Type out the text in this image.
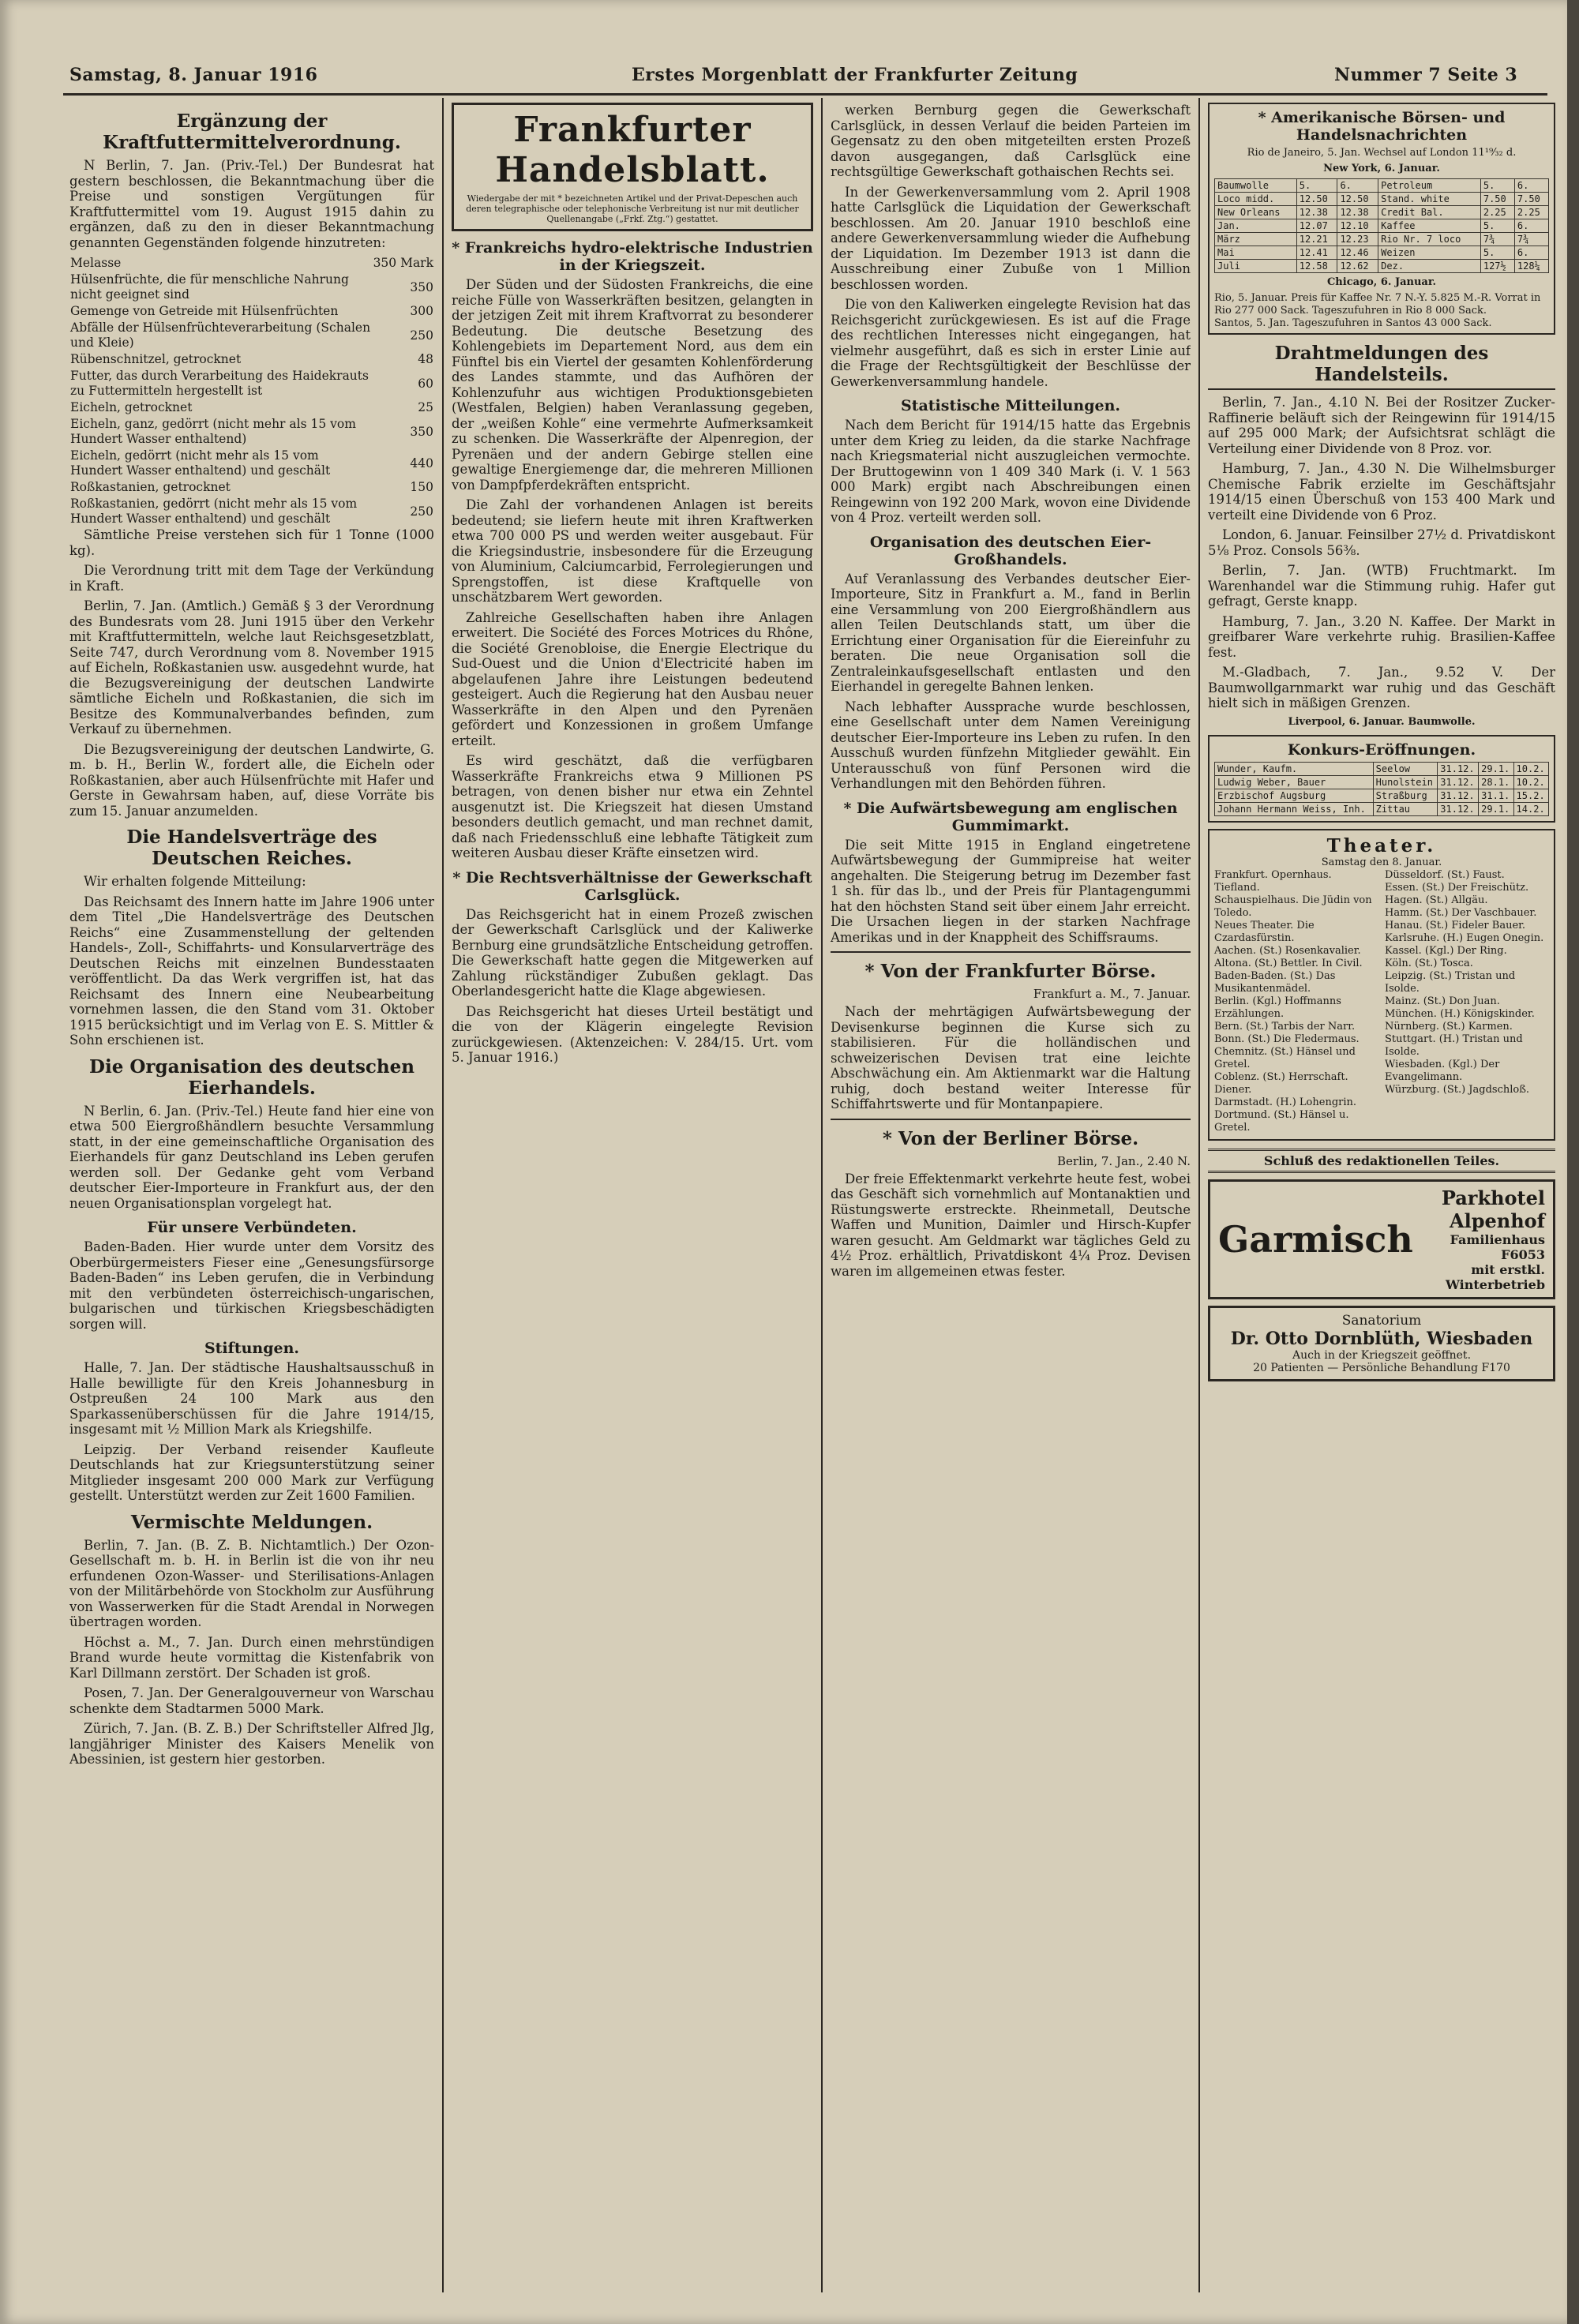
Samstag, 8. Januar 1916	Erstes Morgenblatt der Frankfurter Zeitung	Nummer 7 Seite 3
Ergänzung der Kraftfuttermittelverordnung.

N Berlin, 7. Jan. (Priv.-Tel.) Der Bundesrat hat gestern beschlossen, die Bekanntmachung über die Preise und sonstigen Vergütungen für Kraftfuttermittel vom 19. August 1915 dahin zu ergänzen, daß zu den in dieser Bekanntmachung genannten Gegenständen folgende hinzutreten:

Melasse	350 Mark
Hülsenfrüchte, die für menschliche Nahrung nicht geeignet sind	350
Gemenge von Getreide mit Hülsenfrüchten	300
Abfälle der Hülsenfrüchteverarbeitung (Schalen und Kleie)	250
Rübenschnitzel, getrocknet	48
Futter, das durch Verarbeitung des Haidekrauts zu Futtermitteln hergestellt ist	60
Eicheln, getrocknet	25
Eicheln, ganz, gedörrt (nicht mehr als 15 vom Hundert Wasser enthaltend)	350
Eicheln, gedörrt (nicht mehr als 15 vom Hundert Wasser enthaltend) und geschält	440
Roßkastanien, getrocknet	150
Roßkastanien, gedörrt (nicht mehr als 15 vom Hundert Wasser enthaltend) und geschält	250

Sämtliche Preise verstehen sich für 1 Tonne (1000 kg).

Die Verordnung tritt mit dem Tage der Verkündung in Kraft.

Berlin, 7. Jan. (Amtlich.) Gemäß § 3 der Verordnung des Bundesrats vom 28. Juni 1915 über den Verkehr mit Kraftfuttermitteln, welche laut Reichsgesetzblatt, Seite 747, durch Verordnung vom 8. November 1915 auf Eicheln, Roßkastanien usw. ausgedehnt wurde, hat die Bezugsvereinigung der deutschen Landwirte sämtliche Eicheln und Roßkastanien, die sich im Besitze des Kommunalverbandes befinden, zum Verkauf zu übernehmen.

Die Bezugsvereinigung der deutschen Landwirte, G. m. b. H., Berlin W., fordert alle, die Eicheln oder Roßkastanien, aber auch Hülsenfrüchte mit Hafer und Gerste in Gewahrsam haben, auf, diese Vorräte bis zum 15. Januar anzumelden.

Die Handelsverträge des Deutschen Reiches.

Wir erhalten folgende Mitteilung:

Das Reichsamt des Innern hatte im Jahre 1906 unter dem Titel „Die Handelsverträge des Deutschen Reichs“ eine Zusammenstellung der geltenden Handels-, Zoll-, Schiffahrts- und Konsularverträge des Deutschen Reichs mit einzelnen Bundesstaaten veröffentlicht. Da das Werk vergriffen ist, hat das Reichsamt des Innern eine Neubearbeitung vornehmen lassen, die den Stand vom 31. Oktober 1915 berücksichtigt und im Verlag von E. S. Mittler & Sohn erschienen ist.

Die Organisation des deutschen Eierhandels.

N Berlin, 6. Jan. (Priv.-Tel.) Heute fand hier eine von etwa 500 Eiergroßhändlern besuchte Versammlung statt, in der eine gemeinschaftliche Organisation des Eierhandels für ganz Deutschland ins Leben gerufen werden soll. Der Gedanke geht vom Verband deutscher Eier-Importeure in Frankfurt aus, der den neuen Organisationsplan vorgelegt hat.

Für unsere Verbündeten.

Baden-Baden. Hier wurde unter dem Vorsitz des Oberbürgermeisters Fieser eine „Genesungsfürsorge Baden-Baden“ ins Leben gerufen, die in Verbindung mit den verbündeten österreichisch-ungarischen, bulgarischen und türkischen Kriegsbeschädigten sorgen will.

Stiftungen.

Halle, 7. Jan. Der städtische Haushaltsausschuß in Halle bewilligte für den Kreis Johannesburg in Ostpreußen 24 100 Mark aus den Sparkassenüberschüssen für die Jahre 1914/15, insgesamt mit ½ Million Mark als Kriegshilfe.

Leipzig. Der Verband reisender Kaufleute Deutschlands hat zur Kriegsunterstützung seiner Mitglieder insgesamt 200 000 Mark zur Verfügung gestellt. Unterstützt werden zur Zeit 1600 Familien.

Vermischte Meldungen.

Berlin, 7. Jan. (B. Z. B. Nichtamtlich.) Der Ozon-Gesellschaft m. b. H. in Berlin ist die von ihr neu erfundenen Ozon-Wasser- und Sterilisations-Anlagen von der Militärbehörde von Stockholm zur Ausführung von Wasserwerken für die Stadt Arendal in Norwegen übertragen worden.

Höchst a. M., 7. Jan. Durch einen mehrstündigen Brand wurde heute vormittag die Kistenfabrik von Karl Dillmann zerstört. Der Schaden ist groß.

Posen, 7. Jan. Der Generalgouverneur von Warschau schenkte dem Stadtarmen 5000 Mark.

Zürich, 7. Jan. (B. Z. B.) Der Schriftsteller Alfred Jlg, langjähriger Minister des Kaisers Menelik von Abessinien, ist gestern hier gestorben.

Frankfurter Handelsblatt.
Wiedergabe der mit * bezeichneten Artikel und der Privat-Depeschen auch deren telegraphische oder telephonische Verbreitung ist nur mit deutlicher Quellenangabe („Frkf. Ztg.“) gestattet.
* Frankreichs hydro-elektrische Industrien in der Kriegszeit.

Der Süden und der Südosten Frankreichs, die eine reiche Fülle von Wasserkräften besitzen, gelangten in der jetzigen Zeit mit ihrem Kraftvorrat zu besonderer Bedeutung. Die deutsche Besetzung des Kohlengebiets im Departement Nord, aus dem ein Fünftel bis ein Viertel der gesamten Kohlenförderung des Landes stammte, und das Aufhören der Kohlenzufuhr aus wichtigen Produktionsgebieten (Westfalen, Belgien) haben Veranlassung gegeben, der „weißen Kohle“ eine vermehrte Aufmerksamkeit zu schenken. Die Wasserkräfte der Alpenregion, der Pyrenäen und der andern Gebirge stellen eine gewaltige Energiemenge dar, die mehreren Millionen von Dampfpferdekräften entspricht.

Die Zahl der vorhandenen Anlagen ist bereits bedeutend; sie liefern heute mit ihren Kraftwerken etwa 700 000 PS und werden weiter ausgebaut. Für die Kriegsindustrie, insbesondere für die Erzeugung von Aluminium, Calciumcarbid, Ferrolegierungen und Sprengstoffen, ist diese Kraftquelle von unschätzbarem Wert geworden.

Zahlreiche Gesellschaften haben ihre Anlagen erweitert. Die Société des Forces Motrices du Rhône, die Société Grenobloise, die Energie Electrique du Sud-Ouest und die Union d'Electricité haben im abgelaufenen Jahre ihre Leistungen bedeutend gesteigert. Auch die Regierung hat den Ausbau neuer Wasserkräfte in den Alpen und den Pyrenäen gefördert und Konzessionen in großem Umfange erteilt.

Es wird geschätzt, daß die verfügbaren Wasserkräfte Frankreichs etwa 9 Millionen PS betragen, von denen bisher nur etwa ein Zehntel ausgenutzt ist. Die Kriegszeit hat diesen Umstand besonders deutlich gemacht, und man rechnet damit, daß nach Friedensschluß eine lebhafte Tätigkeit zum weiteren Ausbau dieser Kräfte einsetzen wird.

* Die Rechtsverhältnisse der Gewerkschaft Carlsglück.

Das Reichsgericht hat in einem Prozeß zwischen der Gewerkschaft Carlsglück und der Kaliwerke Bernburg eine grundsätzliche Entscheidung getroffen. Die Gewerkschaft hatte gegen die Mitgewerken auf Zahlung rückständiger Zubußen geklagt. Das Oberlandesgericht hatte die Klage abgewiesen.

Das Reichsgericht hat dieses Urteil bestätigt und die von der Klägerin eingelegte Revision zurückgewiesen. (Aktenzeichen: V. 284/15. Urt. vom 5. Januar 1916.)

werken Bernburg gegen die Gewerkschaft Carlsglück, in dessen Verlauf die beiden Parteien im Gegensatz zu den oben mitgeteilten ersten Prozeß davon ausgegangen, daß Carlsglück eine rechtsgültige Gewerkschaft gothaischen Rechts sei.

In der Gewerkenversammlung vom 2. April 1908 hatte Carlsglück die Liquidation der Gewerkschaft beschlossen. Am 20. Januar 1910 beschloß eine andere Gewerkenversammlung wieder die Aufhebung der Liquidation. Im Dezember 1913 ist dann die Ausschreibung einer Zubuße von 1 Million beschlossen worden.

Die von den Kaliwerken eingelegte Revision hat das Reichsgericht zurückgewiesen. Es ist auf die Frage des rechtlichen Interesses nicht eingegangen, hat vielmehr ausgeführt, daß es sich in erster Linie auf die Frage der Rechtsgültigkeit der Beschlüsse der Gewerkenversammlung handele.

Statistische Mitteilungen.

Nach dem Bericht für 1914/15 hatte das Ergebnis unter dem Krieg zu leiden, da die starke Nachfrage nach Kriegsmaterial nicht auszugleichen vermochte. Der Bruttogewinn von 1 409 340 Mark (i. V. 1 563 000 Mark) ergibt nach Abschreibungen einen Reingewinn von 192 200 Mark, wovon eine Dividende von 4 Proz. verteilt werden soll.

Organisation des deutschen Eier-Großhandels.

Auf Veranlassung des Verbandes deutscher Eier-Importeure, Sitz in Frankfurt a. M., fand in Berlin eine Versammlung von 200 Eiergroßhändlern aus allen Teilen Deutschlands statt, um über die Errichtung einer Organisation für die Eiereinfuhr zu beraten. Die neue Organisation soll die Zentraleinkaufsgesellschaft entlasten und den Eierhandel in geregelte Bahnen lenken.

Nach lebhafter Aussprache wurde beschlossen, eine Gesellschaft unter dem Namen Vereinigung deutscher Eier-Importeure ins Leben zu rufen. In den Ausschuß wurden fünfzehn Mitglieder gewählt. Ein Unterausschuß von fünf Personen wird die Verhandlungen mit den Behörden führen.

* Die Aufwärtsbewegung am englischen Gummimarkt.

Die seit Mitte 1915 in England eingetretene Aufwärtsbewegung der Gummipreise hat weiter angehalten. Die Steigerung betrug im Dezember fast 1 sh. für das lb., und der Preis für Plantagengummi hat den höchsten Stand seit über einem Jahr erreicht. Die Ursachen liegen in der starken Nachfrage Amerikas und in der Knappheit des Schiffsraums.

* Von der Frankfurter Börse.
Frankfurt a. M., 7. Januar.

Nach der mehrtägigen Aufwärtsbewegung der Devisenkurse beginnen die Kurse sich zu stabilisieren. Für die holländischen und schweizerischen Devisen trat eine leichte Abschwächung ein. Am Aktienmarkt war die Haltung ruhig, doch bestand weiter Interesse für Schiffahrtswerte und für Montanpapiere.

* Von der Berliner Börse.
Berlin, 7. Jan., 2.40 N.

Der freie Effektenmarkt verkehrte heute fest, wobei das Geschäft sich vornehmlich auf Montanaktien und Rüstungswerte erstreckte. Rheinmetall, Deutsche Waffen und Munition, Daimler und Hirsch-Kupfer waren gesucht. Am Geldmarkt war tägliches Geld zu 4½ Proz. erhältlich, Privatdiskont 4¼ Proz. Devisen waren im allgemeinen etwas fester.

* Amerikanische Börsen- und Handelsnachrichten
Rio de Janeiro, 5. Jan. Wechsel auf London 11¹⁹⁄₃₂ d.
New York, 6. Januar.
Baumwolle	5.	6.	Petroleum	5.	6.
Loco midd.	12.50	12.50	Stand. white	7.50	7.50
New Orleans	12.38	12.38	Credit Bal.	2.25	2.25
Jan.	12.07	12.10	Kaffee	5.	6.
März	12.21	12.23	Rio Nr. 7 loco	7¾	7¾
Mai	12.41	12.46	Weizen	5.	6.
Juli	12.58	12.62	Dez.	127½	128¼
Chicago, 6. Januar.
Rio, 5. Januar. Preis für Kaffee Nr. 7 N.-Y. 5.825 M.-R. Vorrat in Rio 277 000 Sack. Tageszufuhren in Rio 8 000 Sack.
Santos, 5. Jan. Tageszufuhren in Santos 43 000 Sack.
Drahtmeldungen des Handelsteils.

Berlin, 7. Jan., 4.10 N. Bei der Rositzer Zucker-Raffinerie beläuft sich der Reingewinn für 1914/15 auf 295 000 Mark; der Aufsichtsrat schlägt die Verteilung einer Dividende von 8 Proz. vor.

Hamburg, 7. Jan., 4.30 N. Die Wilhelmsburger Chemische Fabrik erzielte im Geschäftsjahr 1914/15 einen Überschuß von 153 400 Mark und verteilt eine Dividende von 6 Proz.

London, 6. Januar. Feinsilber 27½ d. Privatdiskont 5⅛ Proz. Consols 56⅜.

Berlin, 7. Jan. (WTB) Fruchtmarkt. Im Warenhandel war die Stimmung ruhig. Hafer gut gefragt, Gerste knapp.

Hamburg, 7. Jan., 3.20 N. Kaffee. Der Markt in greifbarer Ware verkehrte ruhig. Brasilien-Kaffee fest.

M.-Gladbach, 7. Jan., 9.52 V. Der Baumwollgarnmarkt war ruhig und das Geschäft hielt sich in mäßigen Grenzen.

Liverpool, 6. Januar. Baumwolle.
Konkurs-Eröffnungen.
Wunder, Kaufm.	Seelow	31.12.	29.1.	10.2.
Ludwig Weber, Bauer	Hunolstein	31.12.	28.1.	10.2.
Erzbischof Augsburg	Straßburg	31.12.	31.1.	15.2.
Johann Hermann Weiss, Inh.	Zittau	31.12.	29.1.	14.2.
Theater.
Samstag den 8. Januar.
Frankfurt. Opernhaus. Tiefland.
Schauspielhaus. Die Jüdin von Toledo.
Neues Theater. Die Czardasfürstin.
Aachen. (St.) Rosenkavalier.
Altona. (St.) Bettler. In Civil.
Baden-Baden. (St.) Das Musikantenmädel.
Berlin. (Kgl.) Hoffmanns Erzählungen.
Bern. (St.) Tarbis der Narr.
Bonn. (St.) Die Fledermaus.
Chemnitz. (St.) Hänsel und Gretel.
Coblenz. (St.) Herrschaft. Diener.
Darmstadt. (H.) Lohengrin.
Dortmund. (St.) Hänsel u. Gretel.
Düsseldorf. (St.) Faust.
Essen. (St.) Der Freischütz.
Hagen. (St.) Allgäu.
Hamm. (St.) Der Vaschbauer.
Hanau. (St.) Fideler Bauer.
Karlsruhe. (H.) Eugen Onegin.
Kassel. (Kgl.) Der Ring.
Köln. (St.) Tosca.
Leipzig. (St.) Tristan und Isolde.
Mainz. (St.) Don Juan.
München. (H.) Königskinder.
Nürnberg. (St.) Karmen.
Stuttgart. (H.) Tristan und Isolde.
Wiesbaden. (Kgl.) Der Evangelimann.
Würzburg. (St.) Jagdschloß.
Schluß des redaktionellen Teiles.
Garmisch
Parkhotel Alpenhof
Familienhaus F6053
mit erstkl. Winterbetrieb
Sanatorium
Dr. Otto Dornblüth, Wiesbaden
Auch in der Kriegszeit geöffnet.
20 Patienten — Persönliche Behandlung F170
